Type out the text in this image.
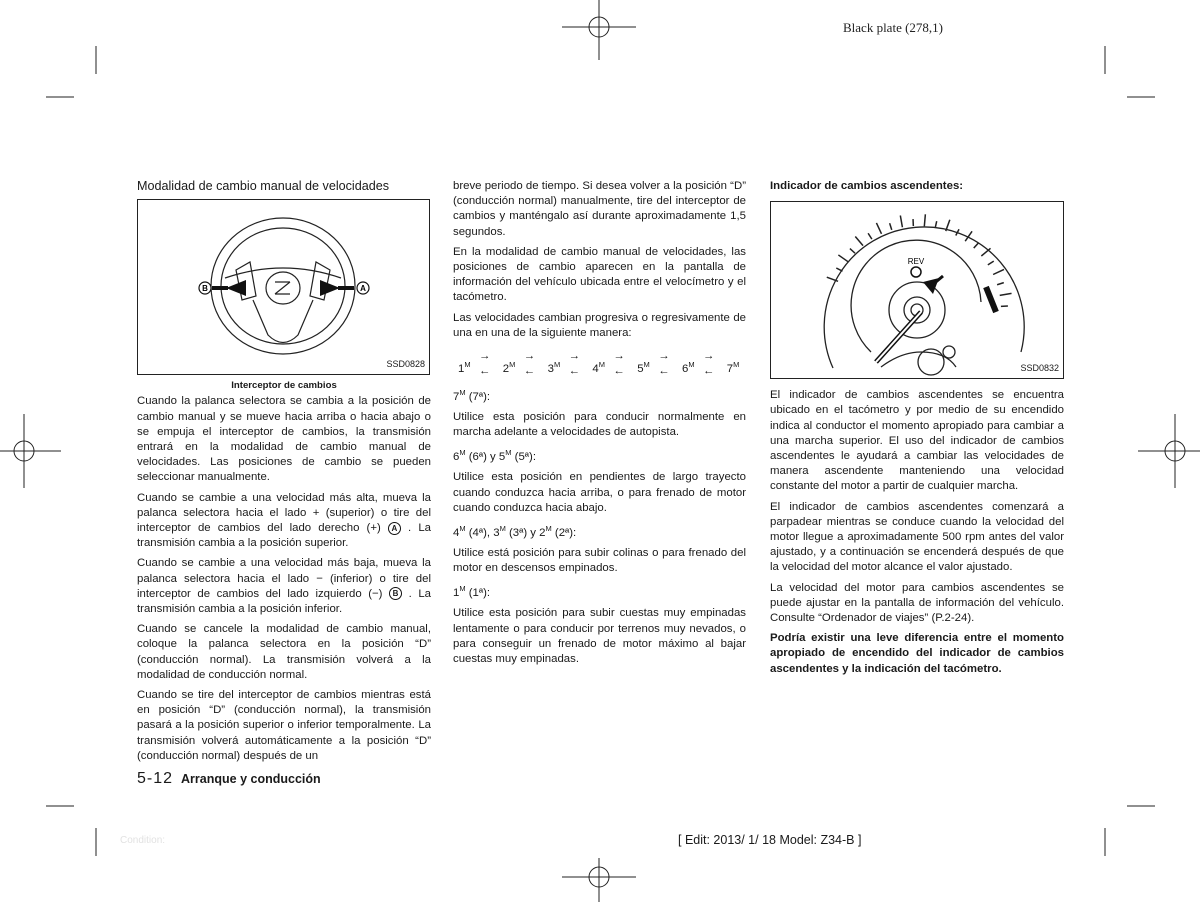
Black plate (278,1)
Modalidad de cambio manual de velocidades
B	A
SSD0828
Interceptor de cambios

Cuando la palanca selectora se cambia a la posición de cambio manual y se mueve hacia arriba o hacia abajo o se empuja el interceptor de cambios, la transmisión entrará en la modalidad de cambio manual de velocidades. Las posiciones de cambio se pueden seleccionar manualmente.

Cuando se cambie a una velocidad más alta, mueva la palanca selectora hacia el lado + (superior) o tire del interceptor de cambios del lado derecho (+) A . La transmisión cambia a la posición superior.

Cuando se cambie a una velocidad más baja, mueva la palanca selectora hacia el lado − (inferior) o tire del interceptor de cambios del lado izquierdo (−) B . La transmisión cambia a la posición inferior.

Cuando se cancele la modalidad de cambio manual, coloque la palanca selectora en la posición “D” (conducción normal). La transmisión volverá a la modalidad de conducción normal.

Cuando se tire del interceptor de cambios mientras está en posición “D” (conducción normal), la transmisión pasará a la posición superior o inferior temporalmente. La transmisión volverá automáticamente a la posición “D” (conducción normal) después de un

breve periodo de tiempo. Si desea volver a la posición “D” (conducción normal) manualmente, tire del interceptor de cambios y manténgalo así durante aproximadamente 1,5 segundos.

En la modalidad de cambio manual de velocidades, las posiciones de cambio aparecen en la pantalla de información del vehículo ubicada entre el velocímetro y el tacómetro.

Las velocidades cambian progresiva o regresivamente de una en una de la siguiente manera:

$1^M$
→
← $2^M$
→
← $3^M$
→
← $4^M$
→
← $5^M$
→
← $6^M$
→
← $7^M$

$7^M$ (7ª):

Utilice esta posición para conducir normalmente en marcha adelante a velocidades de autopista.

$6^M$ (6ª) y $5^M$ (5ª):

Utilice esta posición en pendientes de largo trayecto cuando conduzca hacia arriba, o para frenado de motor cuando conduzca hacia abajo.

$4^M$ (4ª), $3^M$ (3ª) y $2^M$ (2ª):

Utilice está posición para subir colinas o para frenado del motor en descensos empinados.

$1^M$ (1ª):

Utilice esta posición para subir cuestas muy empinadas lentamente o para conducir por terrenos muy nevados, o para conseguir un frenado de motor máximo al bajar cuestas muy empinadas.

Indicador de cambios ascendentes:
REV
SSD0832

El indicador de cambios ascendentes se encuentra ubicado en el tacómetro y por medio de su encendido indica al conductor el momento apropiado para cambiar a una marcha superior. El uso del indicador de cambios ascendentes le ayudará a cambiar las velocidades de manera ascendente manteniendo una velocidad constante del motor a partir de cualquier marcha.

El indicador de cambios ascendentes comenzará a parpadear mientras se conduce cuando la velocidad del motor llegue a aproximadamente 500 rpm antes del valor ajustado, y a continuación se encenderá después de que la velocidad del motor alcance el valor ajustado.

La velocidad del motor para cambios ascendentes se puede ajustar en la pantalla de información del vehículo. Consulte “Ordenador de viajes” (P.2-24).

Podría existir una leve diferencia entre el momento apropiado de encendido del indicador de cambios ascendentes y la indicación del tacómetro.

5-12 Arranque y conducción
Condition:	[ Edit: 2013/ 1/ 18 Model: Z34-B ]
